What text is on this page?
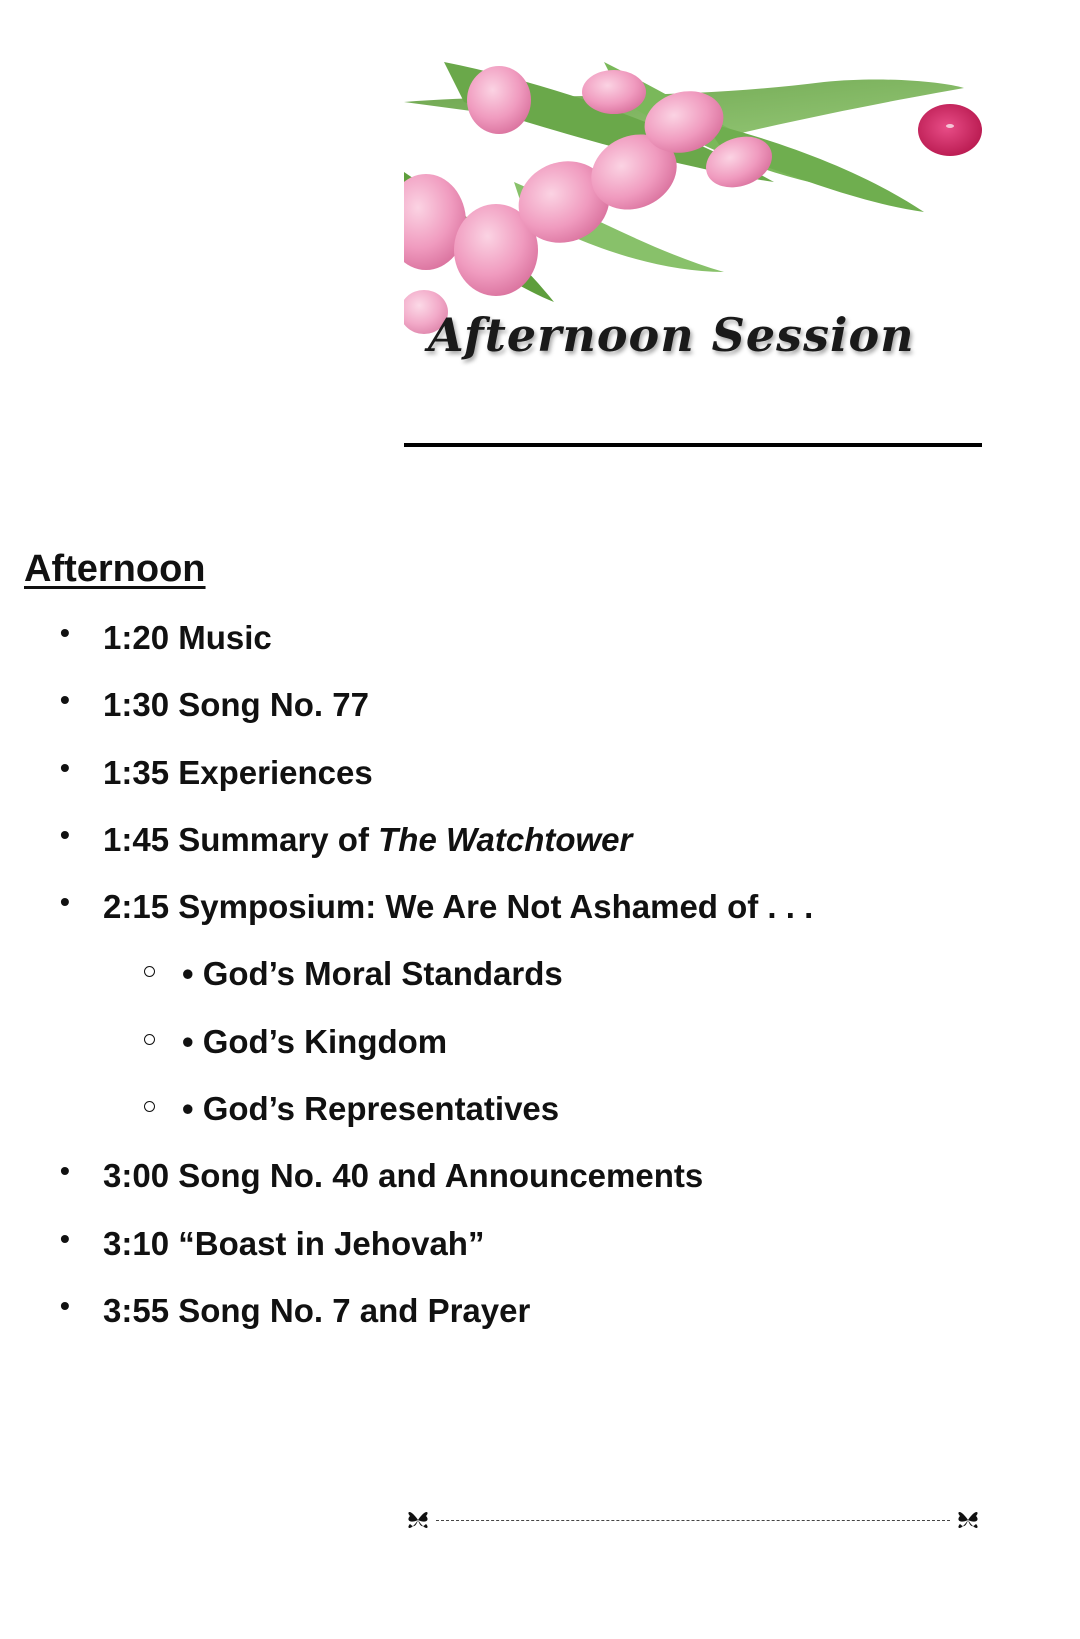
Afternoon Session
Afternoon
• 1:20 Music
• 1:30 Song No. 77
• 1:35 Experiences
• 1:45 Summary of The Watchtower
• 2:15 Symposium: We Are Not Ashamed of . . .
• God’s Moral Standards
• God’s Kingdom
• God’s Representatives
• 3:00 Song No. 40 and Announcements
• 3:10 “Boast in Jehovah”
• 3:55 Song No. 7 and Prayer
